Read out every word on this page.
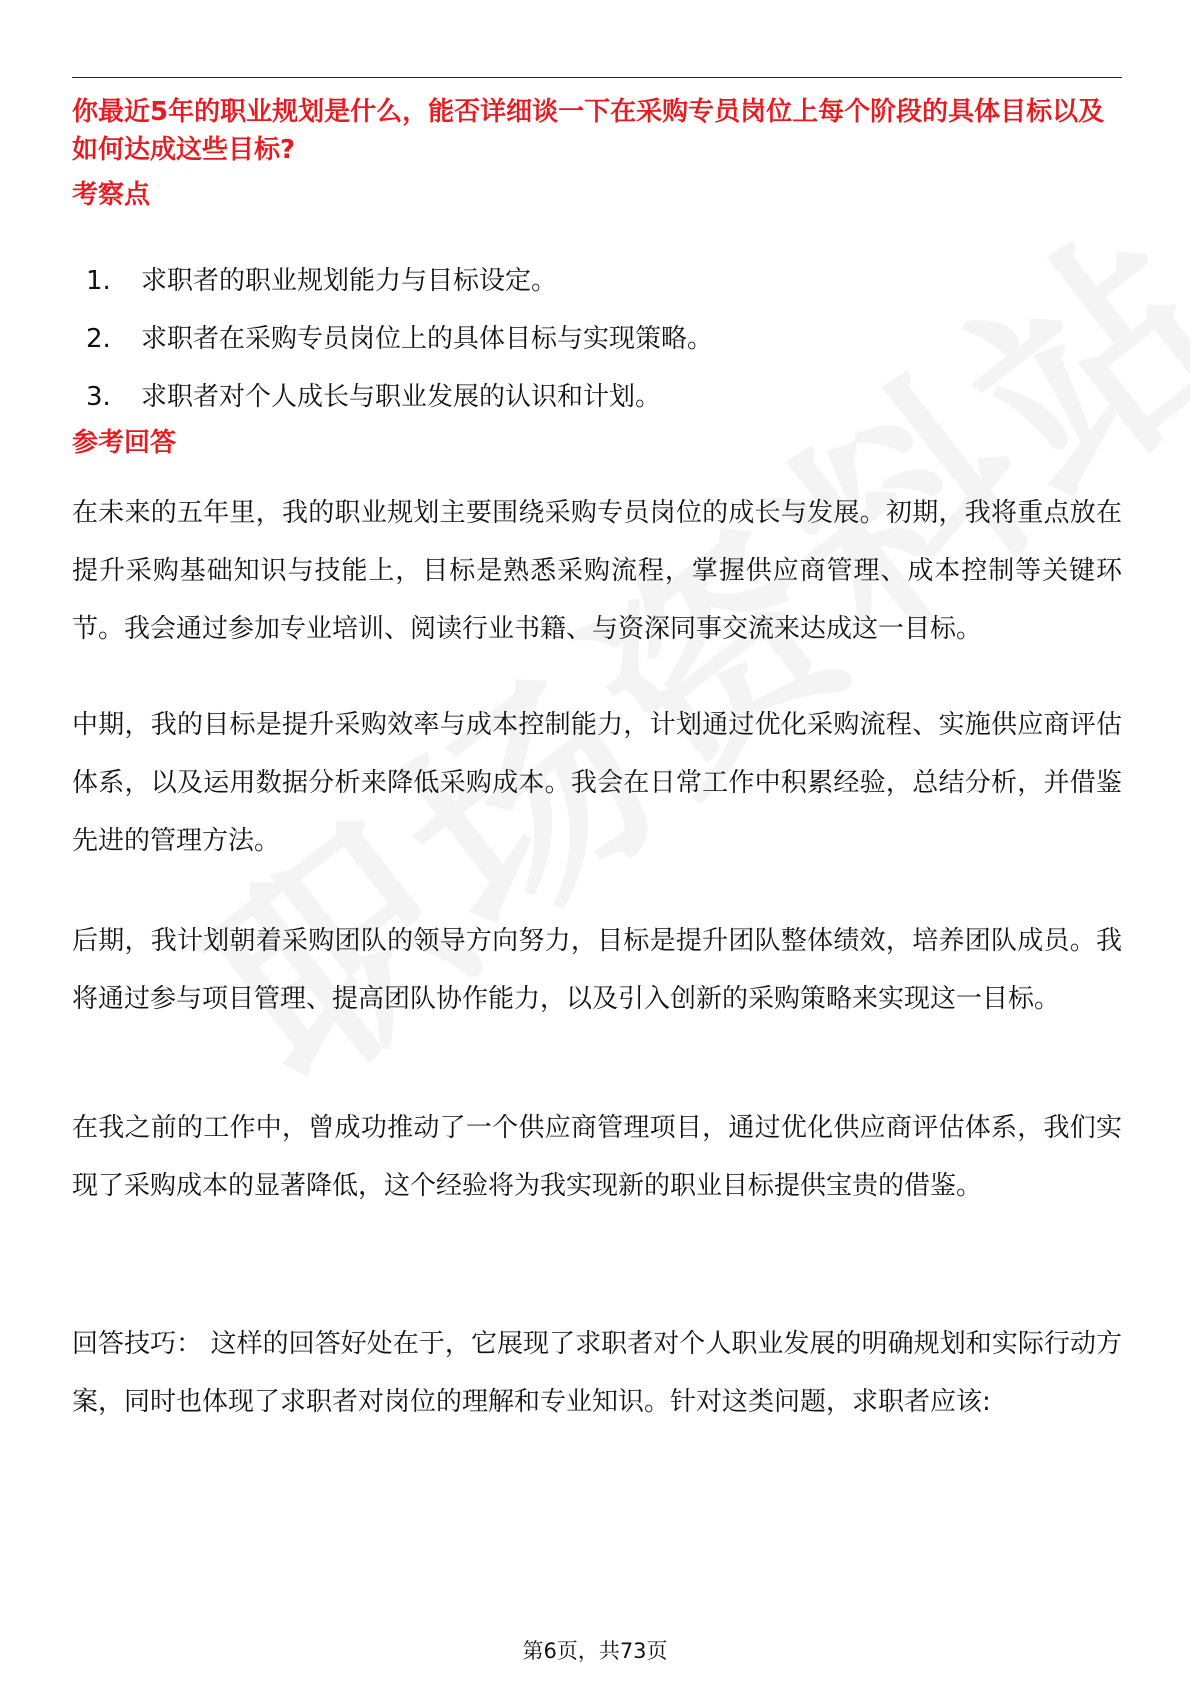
你最近5年的职业规划是什么，能否详细谈一下在采购专员岗位上每个阶段的具体目标以及如何达成这些目标?
考察点
1.	求职者的职业规划能力与目标设定。
2.	求职者在采购专员岗位上的具体目标与实现策略。
3.	求职者对个人成长与职业发展的认识和计划。
参考回答

在未来的五年里，我的职业规划主要围绕采购专员岗位的成长与发展。初期，我将重点放在提升采购基础知识与技能上，目标是熟悉采购流程，掌握供应商管理、成本控制等关键环节。我会通过参加专业培训、阅读行业书籍、与资深同事交流来达成这一目标。

中期，我的目标是提升采购效率与成本控制能力，计划通过优化采购流程、实施供应商评估体系，以及运用数据分析来降低采购成本。我会在日常工作中积累经验，总结分析，并借鉴先进的管理方法。

后期，我计划朝着采购团队的领导方向努力，目标是提升团队整体绩效，培养团队成员。我将通过参与项目管理、提高团队协作能力，以及引入创新的采购策略来实现这一目标。

在我之前的工作中，曾成功推动了一个供应商管理项目，通过优化供应商评估体系，我们实现了采购成本的显著降低，这个经验将为我实现新的职业目标提供宝贵的借鉴。

回答技巧： 这样的回答好处在于，它展现了求职者对个人职业发展的明确规划和实际行动方案，同时也体现了求职者对岗位的理解和专业知识。针对这类问题，求职者应该:

第6页，共73页
